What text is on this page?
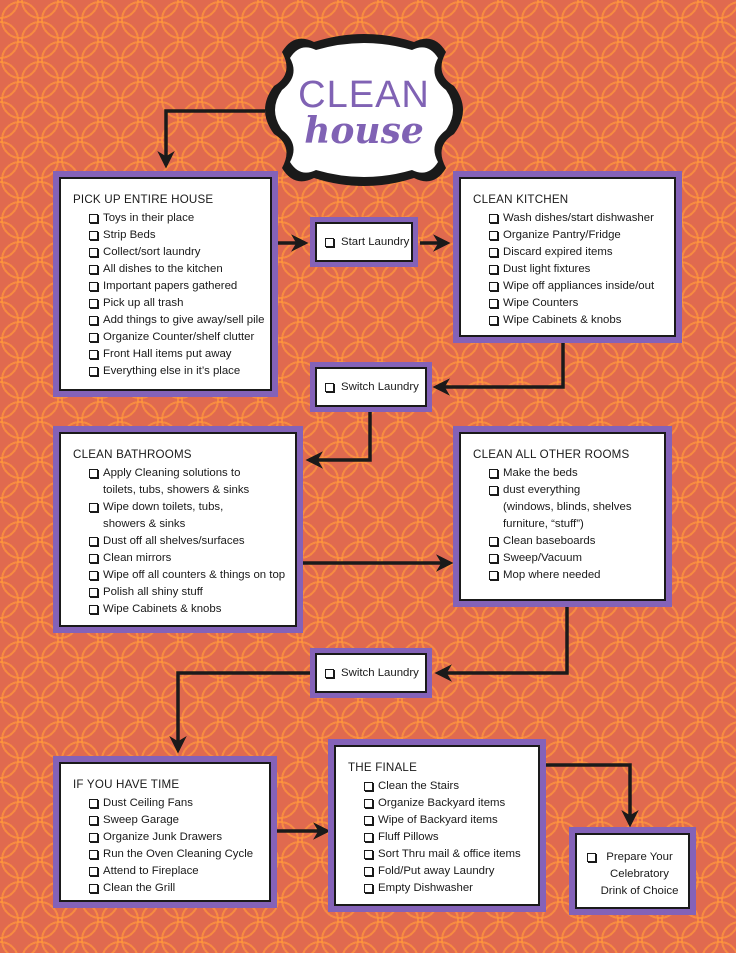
CLEAN
house
PICK UP ENTIRE HOUSE
Toys in their place
Strip Beds
Collect/sort laundry
All dishes to the kitchen
Important papers gathered
Pick up all trash
Add things to give away/sell pile
Organize Counter/shelf clutter
Front Hall items put away
Everything else in it’s place
Start Laundry
CLEAN KITCHEN
Wash dishes/start dishwasher
Organize Pantry/Fridge
Discard expired items
Dust light fixtures
Wipe off appliances inside/out
Wipe Counters
Wipe Cabinets & knobs
Switch Laundry
CLEAN BATHROOMS
Apply Cleaning solutions to
toilets, tubs, showers & sinks
Wipe down toilets, tubs,
showers & sinks
Dust off all shelves/surfaces
Clean mirrors
Wipe off all counters & things on top
Polish all shiny stuff
Wipe Cabinets & knobs
CLEAN ALL OTHER ROOMS
Make the beds
dust everything
(windows, blinds, shelves
furniture, “stuff”)
Clean baseboards
Sweep/Vacuum
Mop where needed
Switch Laundry
IF YOU HAVE TIME
Dust Ceiling Fans
Sweep Garage
Organize Junk Drawers
Run the Oven Cleaning Cycle
Attend to Fireplace
Clean the Grill
THE FINALE
Clean the Stairs
Organize Backyard items
Wipe of Backyard items
Fluff Pillows
Sort Thru mail & office items
Fold/Put away Laundry
Empty Dishwasher
Prepare Your
Celebratory
Drink of Choice
